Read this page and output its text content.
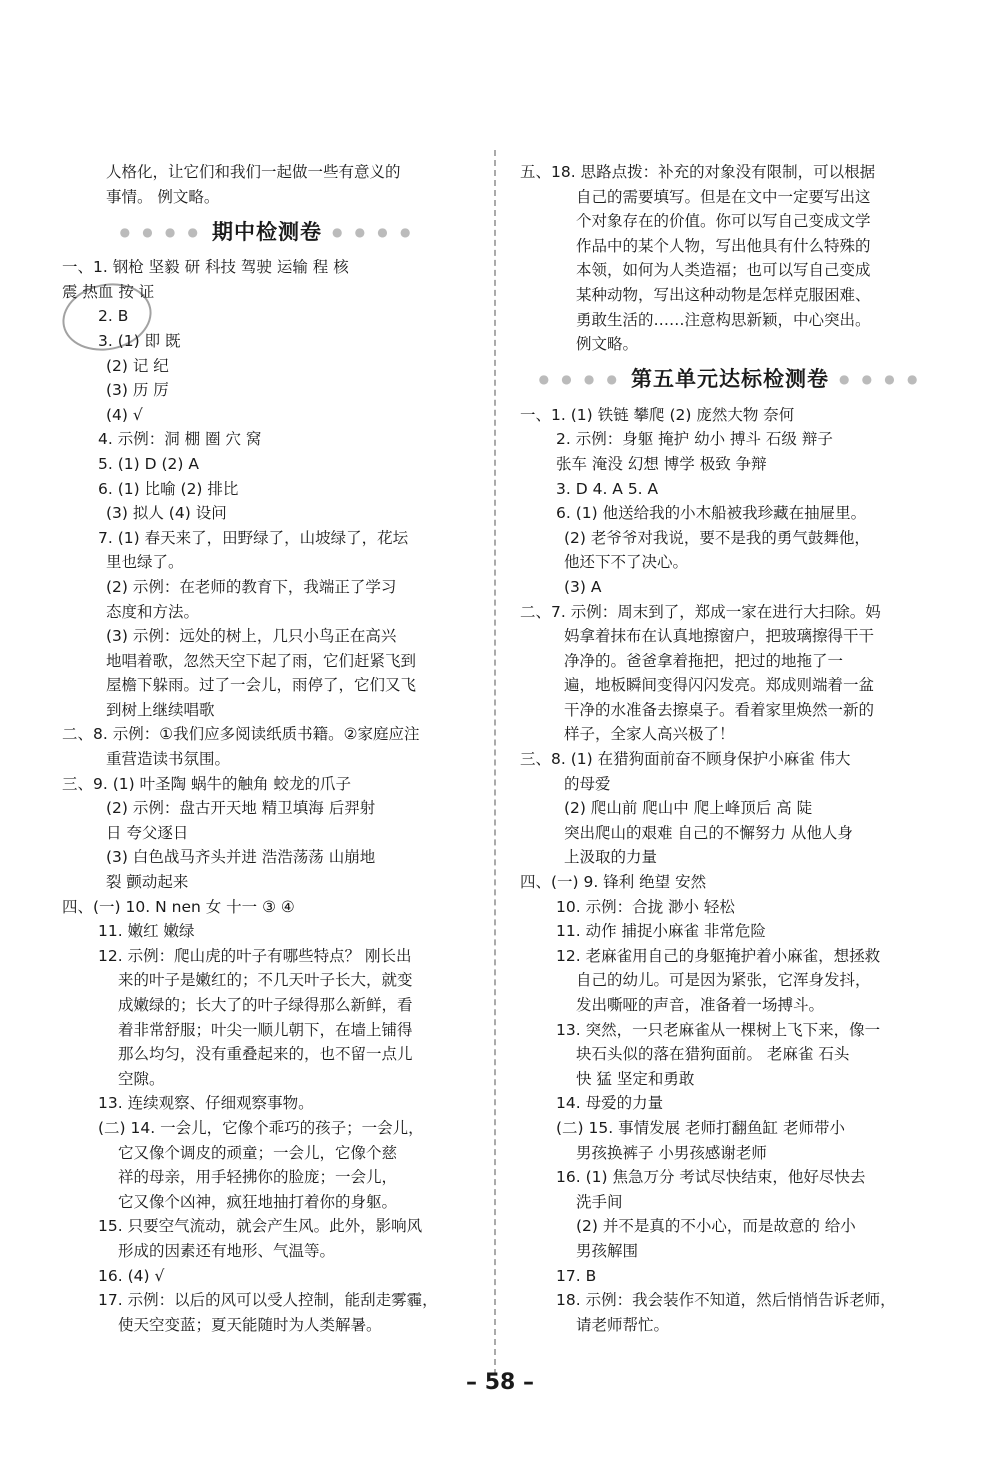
人格化，让它们和我们一起做一些有意义的
事情。 例文略。
● ● ● ● 期中检测卷 ● ● ● ●
一、1. 钢枪 坚毅 研 科技 驾驶 运输 程 核
震 热血 按 证
2. B
3. (1) 即 既
(2) 记 纪
(3) 历 厉
(4) √
4. 示例：洞 棚 圈 穴 窝
5. (1) D (2) A
6. (1) 比喻 (2) 排比
(3) 拟人 (4) 设问
7. (1) 春天来了，田野绿了，山坡绿了，花坛
里也绿了。
(2) 示例：在老师的教育下，我端正了学习
态度和方法。
(3) 示例：远处的树上，几只小鸟正在高兴
地唱着歌，忽然天空下起了雨，它们赶紧飞到
屋檐下躲雨。过了一会儿，雨停了，它们又飞
到树上继续唱歌
二、8. 示例：①我们应多阅读纸质书籍。②家庭应注
重营造读书氛围。
三、9. (1) 叶圣陶 蜗牛的触角 蛟龙的爪子
(2) 示例：盘古开天地 精卫填海 后羿射
日 夸父逐日
(3) 白色战马齐头并进 浩浩荡荡 山崩地
裂 颤动起来
四、(一) 10. N nen 女 十一 ③ ④
11. 嫩红 嫩绿
12. 示例：爬山虎的叶子有哪些特点？ 刚长出
来的叶子是嫩红的；不几天叶子长大，就变
成嫩绿的；长大了的叶子绿得那么新鲜，看
着非常舒服；叶尖一顺儿朝下，在墙上铺得
那么均匀，没有重叠起来的，也不留一点儿
空隙。
13. 连续观察、仔细观察事物。
(二) 14. 一会儿，它像个乖巧的孩子；一会儿，
它又像个调皮的顽童；一会儿，它像个慈
祥的母亲，用手轻拂你的脸庞；一会儿，
它又像个凶神，疯狂地抽打着你的身躯。
15. 只要空气流动，就会产生风。此外，影响风
形成的因素还有地形、气温等。
16. (4) √
17. 示例：以后的风可以受人控制，能刮走雾霾，
使天空变蓝；夏天能随时为人类解暑。
五、18. 思路点拨：补充的对象没有限制，可以根据
自己的需要填写。但是在文中一定要写出这
个对象存在的价值。你可以写自己变成文学
作品中的某个人物，写出他具有什么特殊的
本领，如何为人类造福；也可以写自己变成
某种动物，写出这种动物是怎样克服困难、
勇敢生活的……注意构思新颖，中心突出。
例文略。
● ● ● ● 第五单元达标检测卷 ● ● ● ●
一、1. (1) 铁链 攀爬 (2) 庞然大物 奈何
2. 示例：身躯 掩护 幼小 搏斗 石级 辩子
张车 淹没 幻想 博学 极致 争辩
3. D 4. A 5. A
6. (1) 他送给我的小木船被我珍藏在抽屉里。
(2) 老爷爷对我说，要不是我的勇气鼓舞他，
他还下不了决心。
(3) A
二、7. 示例：周末到了，郑成一家在进行大扫除。妈
妈拿着抹布在认真地擦窗户，把玻璃擦得干干
净净的。爸爸拿着拖把，把过的地拖了一
遍，地板瞬间变得闪闪发亮。郑成则端着一盆
干净的水准备去擦桌子。看着家里焕然一新的
样子，全家人高兴极了！
三、8. (1) 在猎狗面前奋不顾身保护小麻雀 伟大
的母爱
(2) 爬山前 爬山中 爬上峰顶后 高 陡
突出爬山的艰难 自己的不懈努力 从他人身
上汲取的力量
四、(一) 9. 锋利 绝望 安然
10. 示例：合拢 渺小 轻松
11. 动作 捕捉小麻雀 非常危险
12. 老麻雀用自己的身躯掩护着小麻雀，想拯救
自己的幼儿。可是因为紧张，它浑身发抖，
发出嘶哑的声音，准备着一场搏斗。
13. 突然，一只老麻雀从一棵树上飞下来，像一
块石头似的落在猎狗面前。 老麻雀 石头
快 猛 坚定和勇敢
14. 母爱的力量
(二) 15. 事情发展 老师打翻鱼缸 老师带小
男孩换裤子 小男孩感谢老师
16. (1) 焦急万分 考试尽快结束，他好尽快去
洗手间
(2) 并不是真的不小心，而是故意的 给小
男孩解围
17. B
18. 示例：我会装作不知道，然后悄悄告诉老师，
请老师帮忙。
– 58 –
